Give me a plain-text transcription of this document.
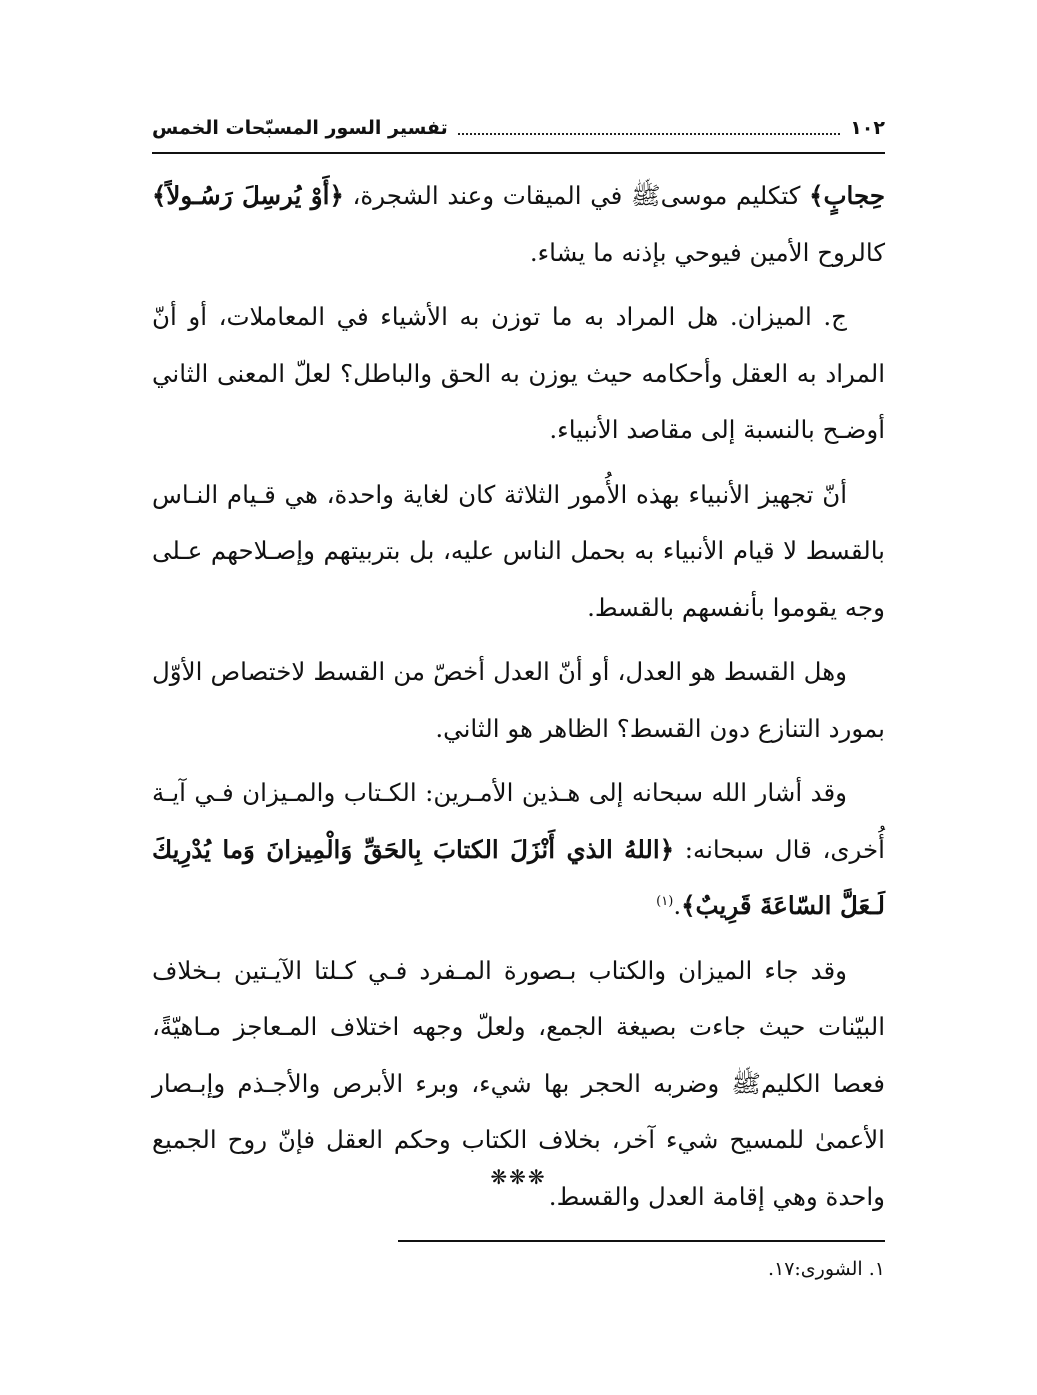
١٠٢
تفسير السور المسبّحات الخمس

حِجابٍ﴾ كتكليم موسىﷺ في الميقات وعند الشجرة، ﴿أَوْ يُرسِلَ رَسُـولاً﴾ كالروح الأمين فيوحي بإذنه ما يشاء.

ج. الميزان. هل المراد به ما توزن به الأشياء في المعاملات، أو أنّ المراد به العقل وأحكامه حيث يوزن به الحق والباطل؟ لعلّ المعنى الثاني أوضـح بالنسبة إلى مقاصد الأنبياء.

أنّ تجهيز الأنبياء بهذه الأُمور الثلاثة كان لغاية واحدة، هي قـيام النـاس بالقسط لا قيام الأنبياء به بحمل الناس عليه، بل بتربيتهم وإصـلاحهم عـلى وجه يقوموا بأنفسهم بالقسط.

وهل القسط هو العدل، أو أنّ العدل أخصّ من القسط لاختصاص الأوّل بمورد التنازع دون القسط؟ الظاهر هو الثاني.

وقد أشار الله سبحانه إلى هـذين الأمـرين: الكـتاب والمـيزان فـي آيـة أُخرى، قال سبحانه: ﴿اللهُ الذي أَنْزَلَ الكتابَ بِالحَقِّ وَالْمِيزانَ وَما يُدْرِيكَ لَـعَلَّ السّاعَةَ قَرِيبٌ﴾.$^{(١)}$

وقد جاء الميزان والكتاب بـصورة المـفرد فـي كـلتا الآيـتين بـخلاف البيّنات حيث جاءت بصيغة الجمع، ولعلّ وجهه اختلاف المـعاجز مـاهيّةً، فعصا الكليمﷺ وضربه الحجر بها شيء، وبرء الأبرص والأجـذم وإبـصار الأعمىٰ للمسيح شيء آخر، بخلاف الكتاب وحكم العقل فإنّ روح الجميع واحدة وهي إقامة العدل والقسط.

❋❋❋
١. الشورى:١٧.
